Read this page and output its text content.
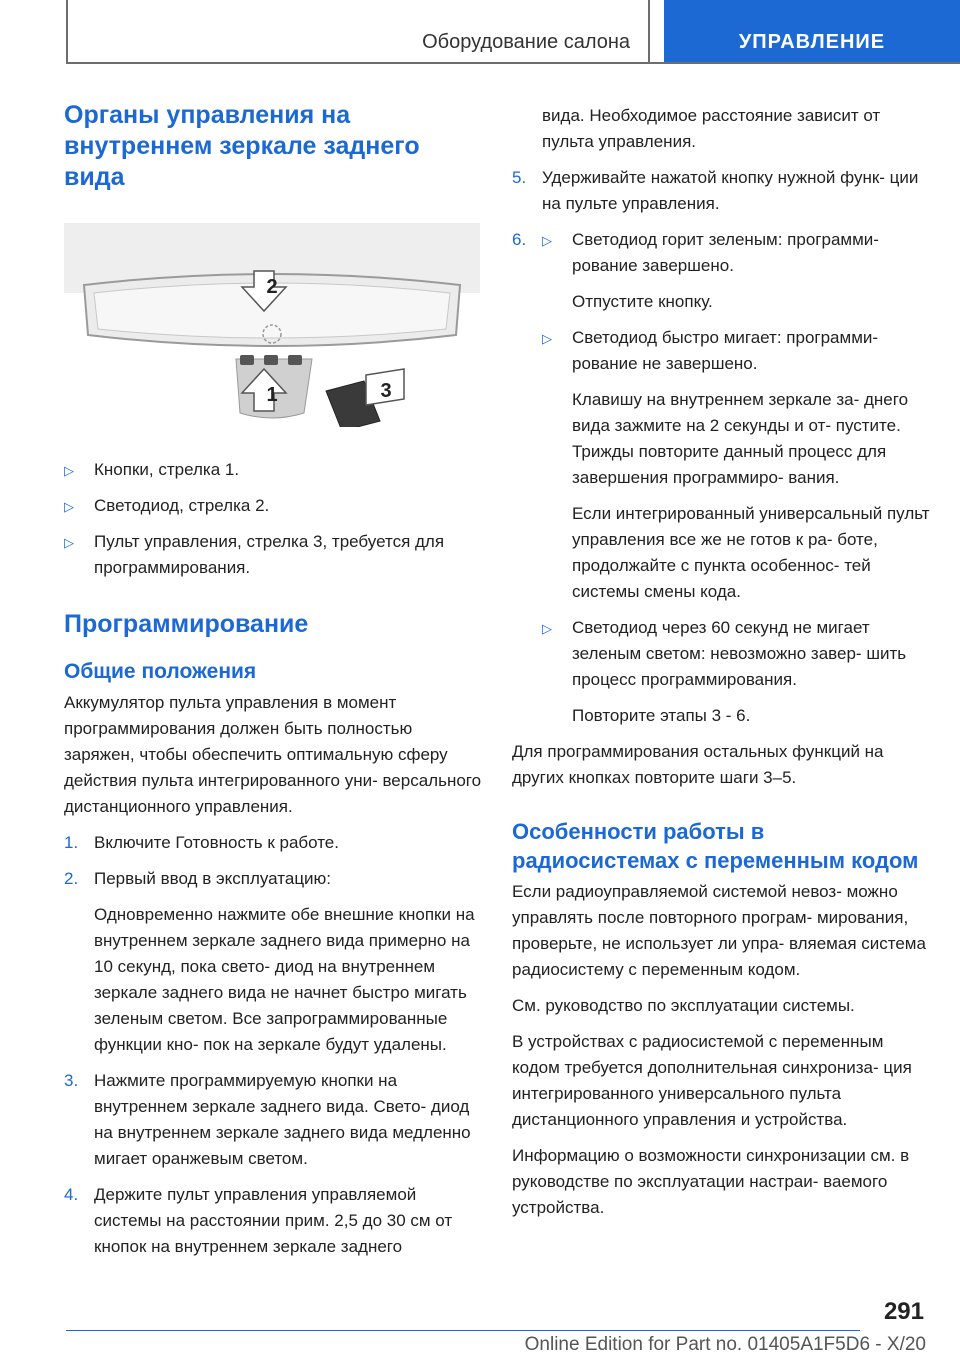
Оборудование салона	УПРАВЛЕНИЕ
Органы управления на внутреннем зеркале заднего вида
2
1	3
▷ Кнопки, стрелка 1.
▷ Светодиод, стрелка 2.
▷ Пульт управления, стрелка 3, требуется для программирования.
Программирование
Общие положения

Аккумулятор пульта управления в момент программирования должен быть полностью заряжен, чтобы обеспечить оптимальную сферу действия пульта интегрированного уни- версального дистанционного управления.

1. Включите Готовность к работе.
2. Первый ввод в эксплуатацию:
Одновременно нажмите обе внешние кнопки на внутреннем зеркале заднего вида примерно на 10 секунд, пока свето- диод на внутреннем зеркале заднего вида не начнет быстро мигать зеленым светом. Все запрограммированные функции кно- пок на зеркале будут удалены.
3. Нажмите программируемую кнопки на внутреннем зеркале заднего вида. Свето- диод на внутреннем зеркале заднего вида медленно мигает оранжевым светом.
4. Держите пульт управления управляемой системы на расстоянии прим. 2,5 до 30 см от кнопок на внутреннем зеркале заднего
вида. Необходимое расстояние зависит от пульта управления.
5. Удерживайте нажатой кнопку нужной функ- ции на пульте управления.
6. ▷ Светодиод горит зеленым: программи- рование завершено.
Отпустите кнопку.
▷ Светодиод быстро мигает: программи- рование не завершено.
Клавишу на внутреннем зеркале за- днего вида зажмите на 2 секунды и от- пустите. Трижды повторите данный процесс для завершения программиро- вания.
Если интегрированный универсальный пульт управления все же не готов к ра- боте, продолжайте с пункта особеннос- тей системы смены кода.
▷ Светодиод через 60 секунд не мигает зеленым светом: невозможно завер- шить процесс программирования.
Повторите этапы 3 - 6.

Для программирования остальных функций на других кнопках повторите шаги 3–5.

Особенности работы в радиосистемах с переменным кодом

Если радиоуправляемой системой невоз- можно управлять после повторного програм- мирования, проверьте, не использует ли упра- вляемая система радиосистему с переменным кодом.

См. руководство по эксплуатации системы.

В устройствах с радиосистемой с переменным кодом требуется дополнительная синхрониза- ция интегрированного универсального пульта дистанционного управления и устройства.

Информацию о возможности синхронизации см. в руководстве по эксплуатации настраи- ваемого устройства.

291
Online Edition for Part no. 01405A1F5D6 - X/20
